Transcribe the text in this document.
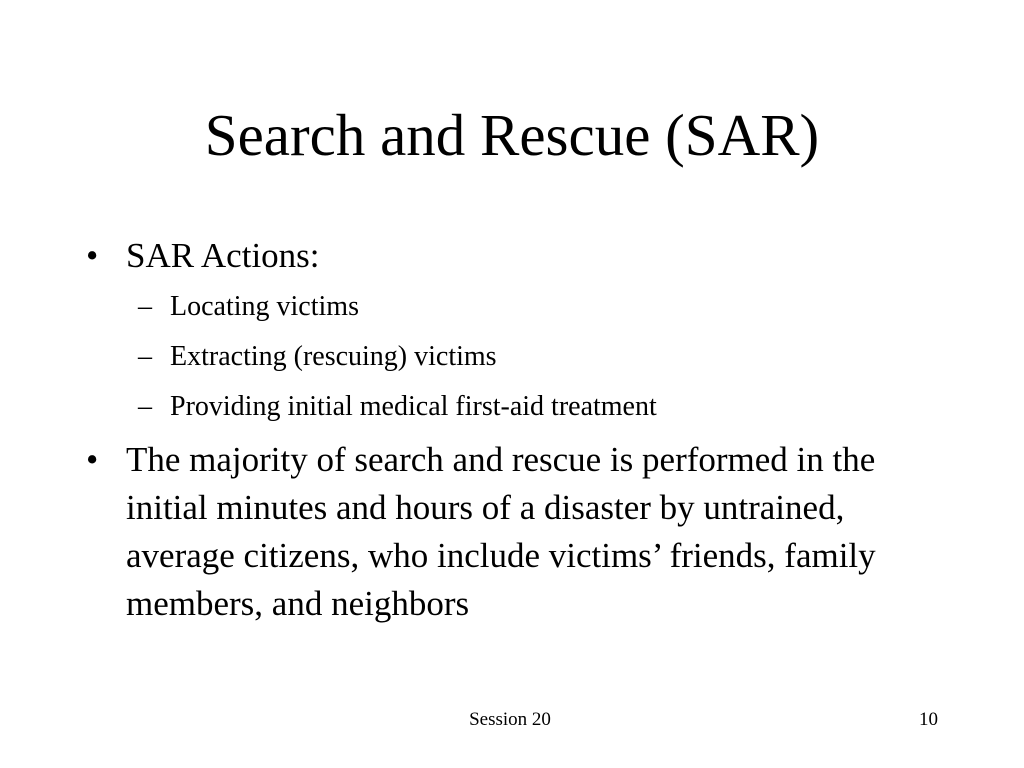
Search and Rescue (SAR)
• SAR Actions:
– Locating victims
– Extracting (rescuing) victims
– Providing initial medical first-aid treatment
• The majority of search and rescue is performed in the initial minutes and hours of a disaster by untrained, average citizens, who include victims’ friends, family members, and neighbors
Session 20	10
